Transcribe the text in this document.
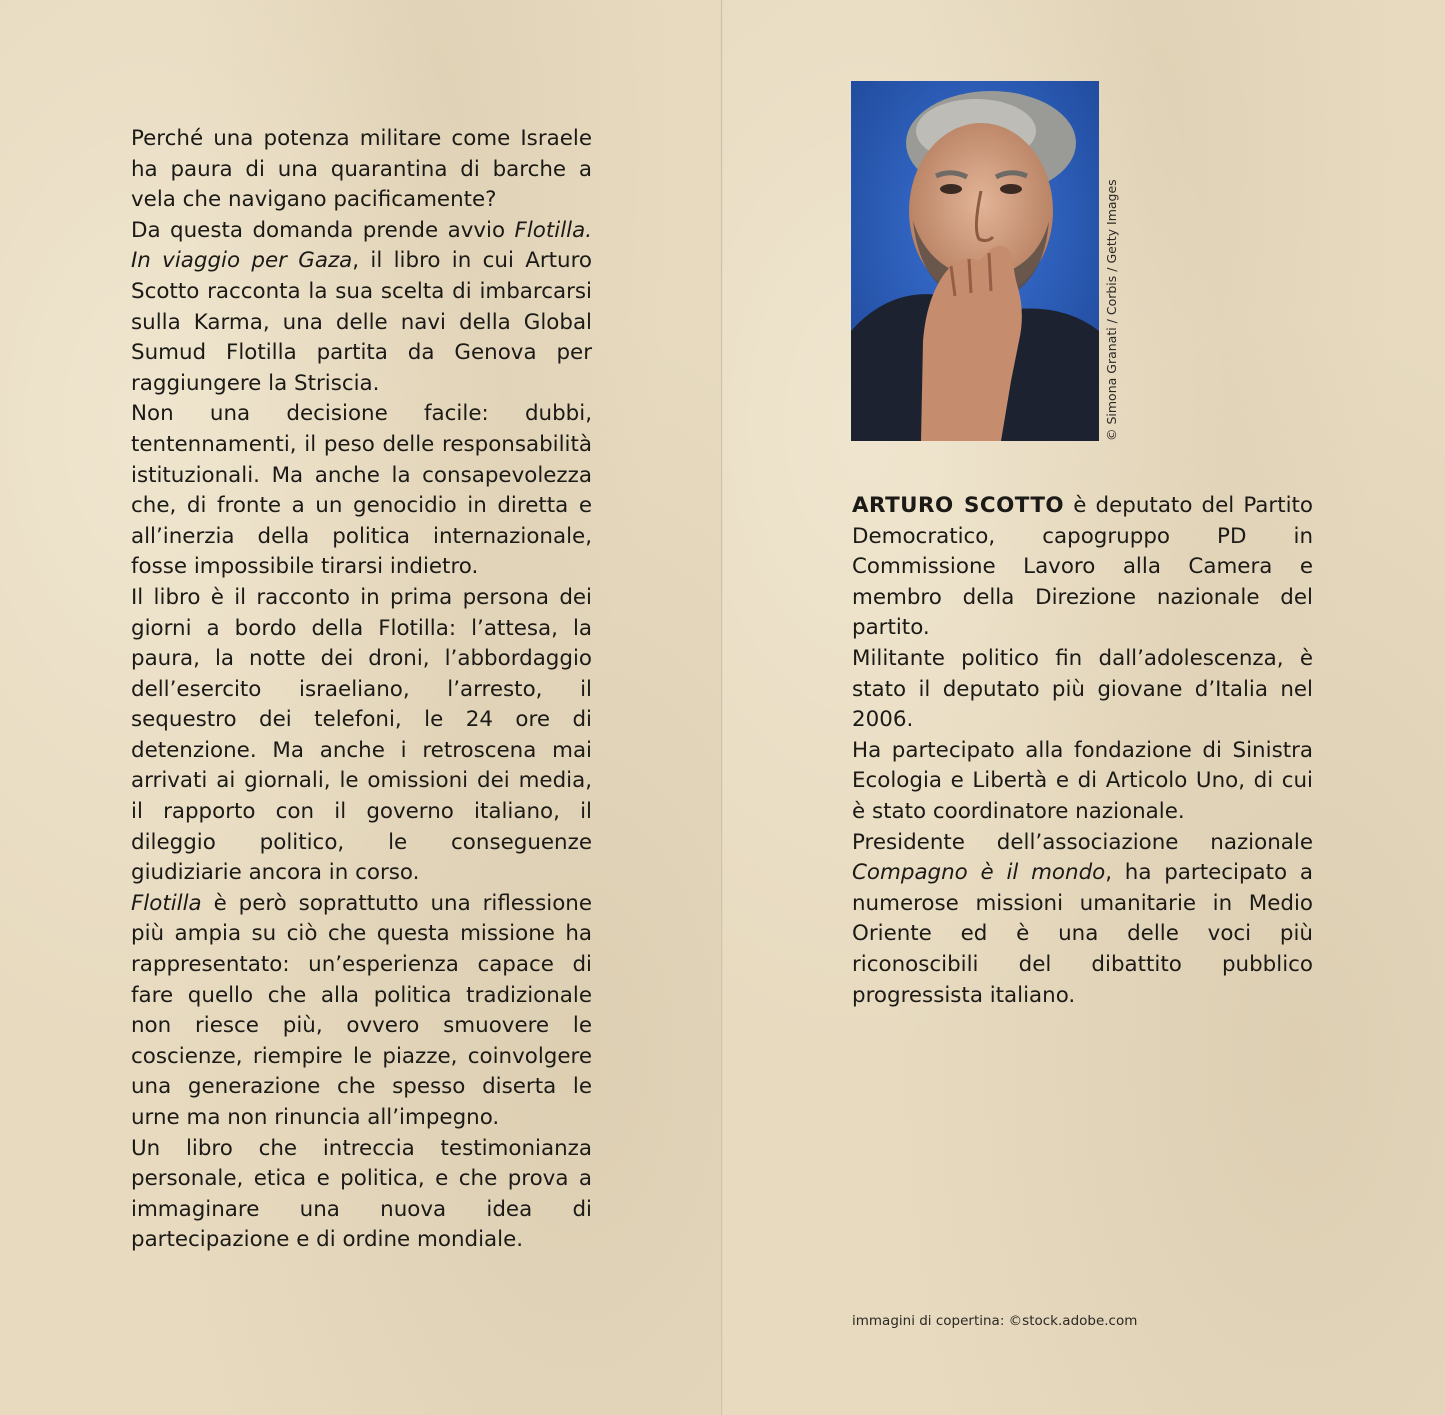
Perché una potenza militare come Israele ha paura di una quarantina di barche a vela che navigano pacificamente?

Da questa domanda prende avvio Flotilla. In viaggio per Gaza, il libro in cui Arturo Scotto racconta la sua scelta di imbarcarsi sulla Karma, una delle navi della Global Sumud Flotilla partita da Genova per raggiungere la Striscia.

Non una decisione facile: dubbi, tentennamenti, il peso delle responsabilità istituzionali. Ma anche la consapevolezza che, di fronte a un genocidio in diretta e all’inerzia della politica internazionale, fosse impossibile tirarsi indietro.

Il libro è il racconto in prima persona dei giorni a bordo della Flotilla: l’attesa, la paura, la notte dei droni, l’abbordaggio dell’esercito israeliano, l’arresto, il sequestro dei telefoni, le 24 ore di detenzione. Ma anche i retroscena mai arrivati ai giornali, le omissioni dei media, il rapporto con il governo italiano, il dileggio politico, le conseguenze giudiziarie ancora in corso.

Flotilla è però soprattutto una riflessione più ampia su ciò che questa missione ha rappresentato: un’esperienza capace di fare quello che alla politica tradizionale non riesce più, ovvero smuovere le coscienze, riempire le piazze, coinvolgere una generazione che spesso diserta le urne ma non rinuncia all’impegno.

Un libro che intreccia testimonianza personale, etica e politica, e che prova a immaginare una nuova idea di partecipazione e di ordine mondiale.

© Simona Granati / Corbis / Getty Images

ARTURO SCOTTO è deputato del Partito Democratico, capogruppo PD in Commissione Lavoro alla Camera e membro della Direzione nazionale del partito.

Militante politico fin dall’adolescenza, è stato il deputato più giovane d’Italia nel 2006.

Ha partecipato alla fondazione di Sinistra Ecologia e Libertà e di Articolo Uno, di cui è stato coordinatore nazionale.

Presidente dell’associazione nazionale Compagno è il mondo, ha partecipato a numerose missioni umanitarie in Medio Oriente ed è una delle voci più riconoscibili del dibattito pubblico progressista italiano.

immagini di copertina: ©stock.adobe.com
